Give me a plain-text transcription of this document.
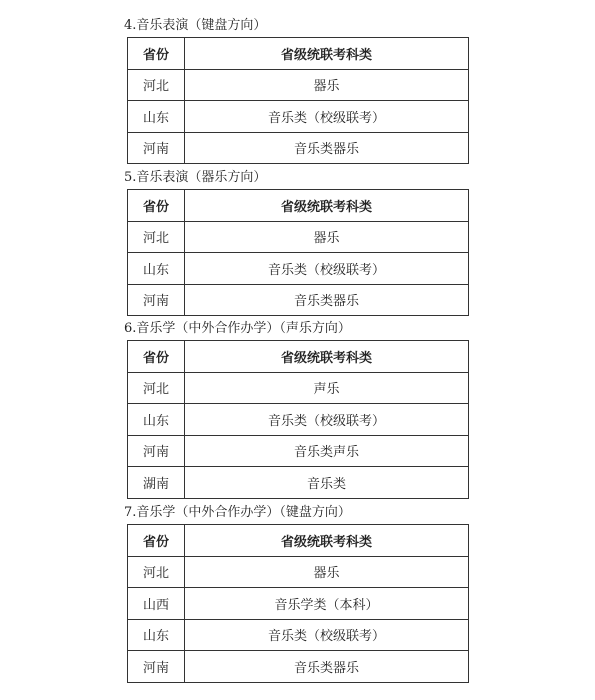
4.音乐表演（键盘方向）
省份	省级统联考科类
河北	器乐
山东	音乐类（校级联考）
河南	音乐类器乐
5.音乐表演（器乐方向）
省份	省级统联考科类
河北	器乐
山东	音乐类（校级联考）
河南	音乐类器乐
6.音乐学（中外合作办学）（声乐方向）
省份	省级统联考科类
河北	声乐
山东	音乐类（校级联考）
河南	音乐类声乐
湖南	音乐类
7.音乐学（中外合作办学）（键盘方向）
省份	省级统联考科类
河北	器乐
山西	音乐学类（本科）
山东	音乐类（校级联考）
河南	音乐类器乐
